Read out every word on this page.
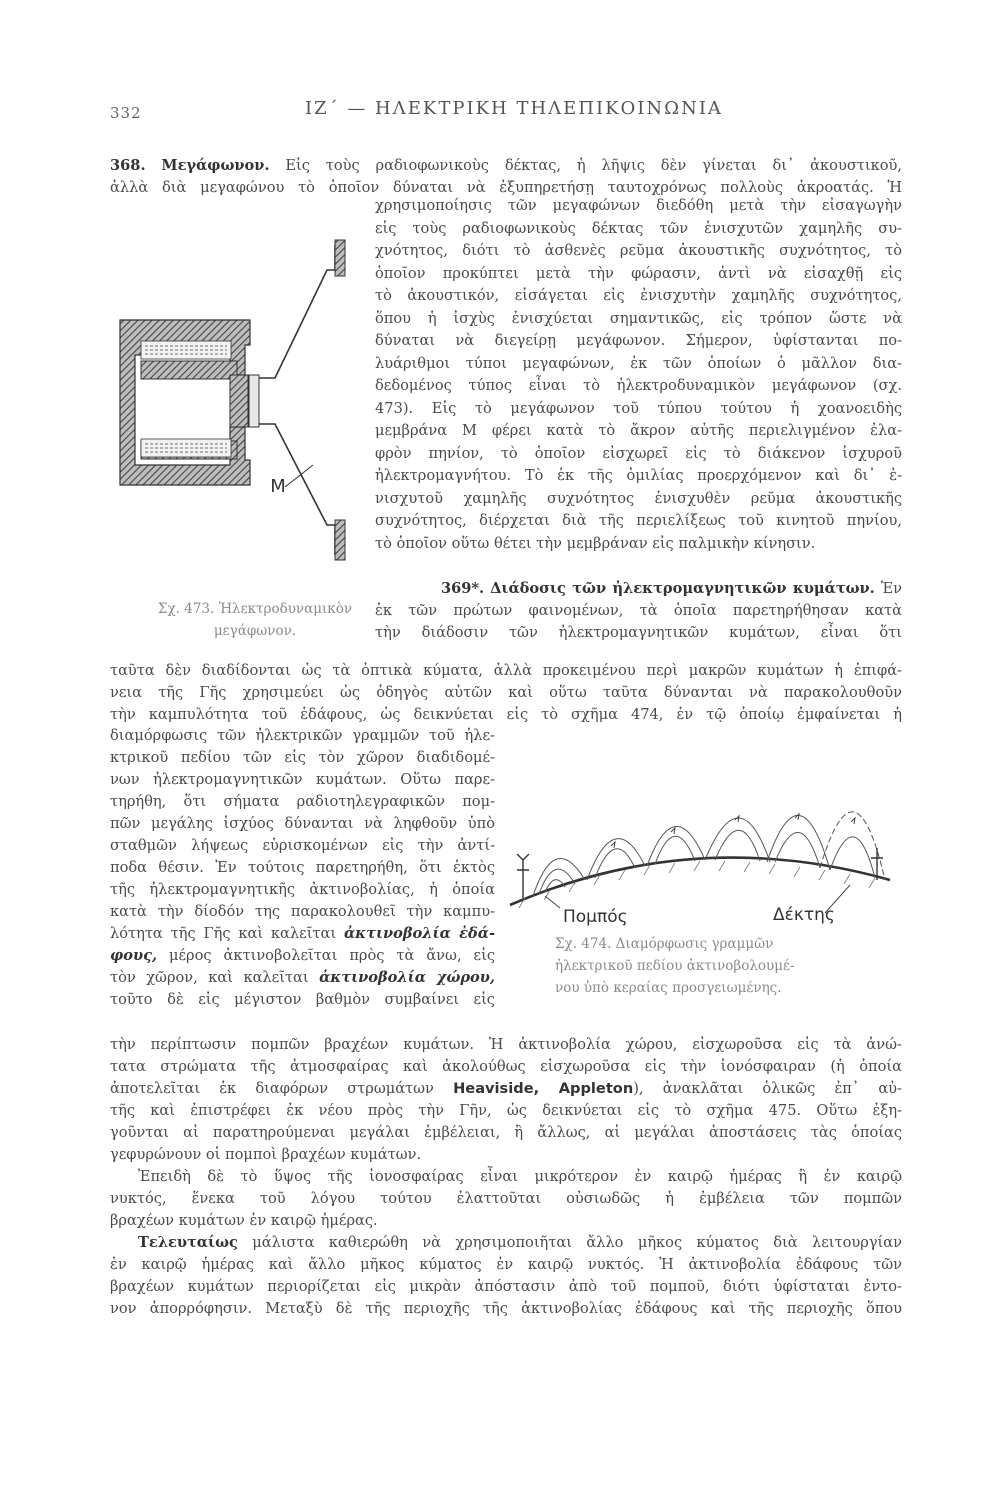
332	ΙΖ΄ — ΗΛΕΚΤΡΙΚΗ ΤΗΛΕΠΙΚΟΙΝΩΝΙΑ
368. Μεγάφωνον. Εἰς τοὺς ραδιοφωνικοὺς δέκτας, ἡ λῆψις δὲν γίνεται δι᾿ ἀκουστικοῦ,
ἀλλὰ διὰ μεγαφώνου τὸ ὁποῖον δύναται νὰ ἐξυπηρετήσῃ ταυτοχρόνως πολλοὺς ἀκροατάς. Ἡ
χρησιμοποίησις τῶν μεγαφώνων διεδόθη μετὰ τὴν εἰσαγωγὴν
εἰς τοὺς ραδιοφωνικοὺς δέκτας τῶν ἐνισχυτῶν χαμηλῆς συ-
χνότητος, διότι τὸ ἀσθενὲς ρεῦμα ἀκουστικῆς συχνότητος, τὸ
ὁποῖον προκύπτει μετὰ τὴν φώρασιν, ἀντὶ νὰ εἰσαχθῇ εἰς
τὸ ἀκουστικόν, εἰσάγεται εἰς ἐνισχυτὴν χαμηλῆς συχνότητος,
ὅπου ἡ ἰσχὺς ἐνισχύεται σημαντικῶς, εἰς τρόπον ὥστε νὰ
δύναται νὰ διεγείρῃ μεγάφωνον. Σήμερον, ὑφίστανται πο-
λυάριθμοι τύποι μεγαφώνων, ἐκ τῶν ὁποίων ὁ μᾶλλον δια-
δεδομένος τύπος εἶναι τὸ ἠλεκτροδυναμικὸν μεγάφωνον (σχ.
473). Εἰς τὸ μεγάφωνον τοῦ τύπου τούτου ἡ χοανοειδὴς
μεμβράνα Μ φέρει κατὰ τὸ ἄκρον αὐτῆς περιελιγμένον ἐλα-
φρὸν πηνίον, τὸ ὁποῖον εἰσχωρεῖ εἰς τὸ διάκενον ἰσχυροῦ
ἠλεκτρομαγνήτου. Τὸ ἐκ τῆς ὁμιλίας προερχόμενον καὶ δι᾿ ἐ-
νισχυτοῦ χαμηλῆς συχνότητος ἐνισχυθὲν ρεῦμα ἀκουστικῆς
συχνότητος, διέρχεται διὰ τῆς περιελίξεως τοῦ κινητοῦ πηνίου,
τὸ ὁποῖον οὕτω θέτει τὴν μεμβράναν εἰς παλμικὴν κίνησιν.
Μ
Σχ. 473. Ἠλεκτροδυναμικὸν μεγάφωνον.
369*. Διάδοσις τῶν ἠλεκτρομαγνητικῶν κυμάτων. Ἐν
ἐκ τῶν πρώτων φαινομένων, τὰ ὁποῖα παρετηρήθησαν κατὰ
τὴν διάδοσιν τῶν ἠλεκτρομαγνητικῶν κυμάτων, εἶναι ὅτι
ταῦτα δὲν διαδίδονται ὡς τὰ ὀπτικὰ κύματα, ἀλλὰ προκειμένου περὶ μακρῶν κυμάτων ἡ ἐπιφά-
νεια τῆς Γῆς χρησιμεύει ὡς ὁδηγὸς αὐτῶν καὶ οὕτω ταῦτα δύνανται νὰ παρακολουθοῦν
τὴν καμπυλότητα τοῦ ἐδάφους, ὡς δεικνύεται εἰς τὸ σχῆμα 474, ἐν τῷ ὁποίῳ ἐμφαίνεται ἡ
διαμόρφωσις τῶν ἠλεκτρικῶν γραμμῶν τοῦ ἠλε-
κτρικοῦ πεδίου τῶν εἰς τὸν χῶρον διαδιδομέ-
νων ἠλεκτρομαγνητικῶν κυμάτων. Οὕτω παρε-
τηρήθη, ὅτι σήματα ραδιοτηλεγραφικῶν πομ-
πῶν μεγάλης ἰσχύος δύνανται νὰ ληφθοῦν ὑπὸ
σταθμῶν λήψεως εὑρισκομένων εἰς τὴν ἀντί-
ποδα θέσιν. Ἐν τούτοις παρετηρήθη, ὅτι ἐκτὸς
τῆς ἠλεκτρομαγνητικῆς ἀκτινοβολίας, ἡ ὁποία
κατὰ τὴν δίοδόν της παρακολουθεῖ τὴν καμπυ-
λότητα τῆς Γῆς καὶ καλεῖται ἀκτινοβολία ἐδά-
φους, μέρος ἀκτινοβολεῖται πρὸς τὰ ἄνω, εἰς
τὸν χῶρον, καὶ καλεῖται ἀκτινοβολία χώρου,
τοῦτο δὲ εἰς μέγιστον βαθμὸν συμβαίνει εἰς
Πομπός	Δέκτης
Σχ. 474. Διαμόρφωσις γραμμῶν
ἠλεκτρικοῦ πεδίου ἀκτινοβολουμέ-
νου ὑπὸ κεραίας προσγειωμένης.
τὴν περίπτωσιν πομπῶν βραχέων κυμάτων. Ἡ ἀκτινοβολία χώρου, εἰσχωροῦσα εἰς τὰ ἀνώ-
τατα στρώματα τῆς ἀτμοσφαίρας καὶ ἀκολούθως εἰσχωροῦσα εἰς τὴν ἰονόσφαιραν (ἡ ὁποία
ἀποτελεῖται ἐκ διαφόρων στρωμάτων Heaviside, Appleton), ἀνακλᾶται ὁλικῶς ἐπ᾿ αὐ-
τῆς καὶ ἐπιστρέφει ἐκ νέου πρὸς τὴν Γῆν, ὡς δεικνύεται εἰς τὸ σχῆμα 475. Οὕτω ἐξη-
γοῦνται αἱ παρατηρούμεναι μεγάλαι ἐμβέλειαι, ἢ ἄλλως, αἱ μεγάλαι ἀποστάσεις τὰς ὁποίας
γεφυρώνουν οἱ πομποὶ βραχέων κυμάτων.
Ἐπειδὴ δὲ τὸ ὕψος τῆς ἰονοσφαίρας εἶναι μικρότερον ἐν καιρῷ ἡμέρας ἢ ἐν καιρῷ
νυκτός, ἕνεκα τοῦ λόγου τούτου ἐλαττοῦται οὐσιωδῶς ἡ ἐμβέλεια τῶν πομπῶν
βραχέων κυμάτων ἐν καιρῷ ἡμέρας.
Τελευταίως μάλιστα καθιερώθη νὰ χρησιμοποιῆται ἄλλο μῆκος κύματος διὰ λειτουργίαν
ἐν καιρῷ ἡμέρας καὶ ἄλλο μῆκος κύματος ἐν καιρῷ νυκτός. Ἡ ἀκτινοβολία ἐδάφους τῶν
βραχέων κυμάτων περιορίζεται εἰς μικρὰν ἀπόστασιν ἀπὸ τοῦ πομποῦ, διότι ὑφίσταται ἐντο-
νον ἀπορρόφησιν. Μεταξὺ δὲ τῆς περιοχῆς τῆς ἀκτινοβολίας ἐδάφους καὶ τῆς περιοχῆς ὅπου
